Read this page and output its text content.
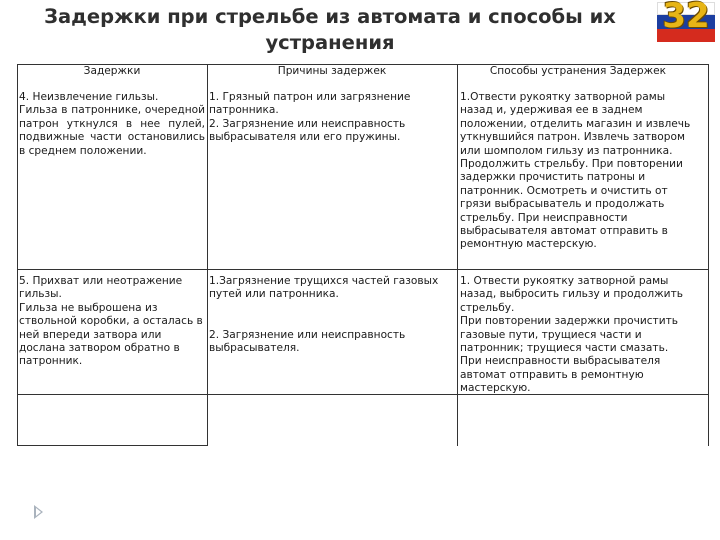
Задержки при стрельбе из автомата и способы их устранения
32
Задержки	Причины задержек	Способы устранения Задержек
4. Неизвлечение гильзы.
Гильза в патроннике, очередной патрон уткнулся в нее пулей, подвижные части остановились в среднем положении.
1. Грязный патрон или загрязнение
патронника.
2. Загрязнение или неисправность
выбрасывателя или его пружины.
1.Отвести рукоятку затворной рамы назад и, удерживая ее в заднем положении, отделить магазин и извлечь уткнувшийся патрон. Извлечь затвором или шомполом гильзу из патронника. Продолжить стрельбу. При повторении задержки прочистить патроны и патронник. Осмотреть и очистить от грязи выбрасыватель и продолжать стрельбу. При неисправности выбрасывателя автомат отправить в ремонтную мастерскую.
5. Прихват или неотражение гильзы.
Гильза не выброшена из ствольной коробки, а осталась в ней впереди затвора или дослана затвором обратно в патронник.
1.Загрязнение трущихся частей газовых путей или патронника.

2. Загрязнение или неисправность выбрасывателя.
1. Отвести рукоятку затворной рамы назад, выбросить гильзу и продолжить стрельбу.
При повторении задержки прочистить газовые пути, трущиеся части и патронник; трущиеся части смазать. При неисправности выбрасывателя автомат отправить в ремонтную мастерскую.
